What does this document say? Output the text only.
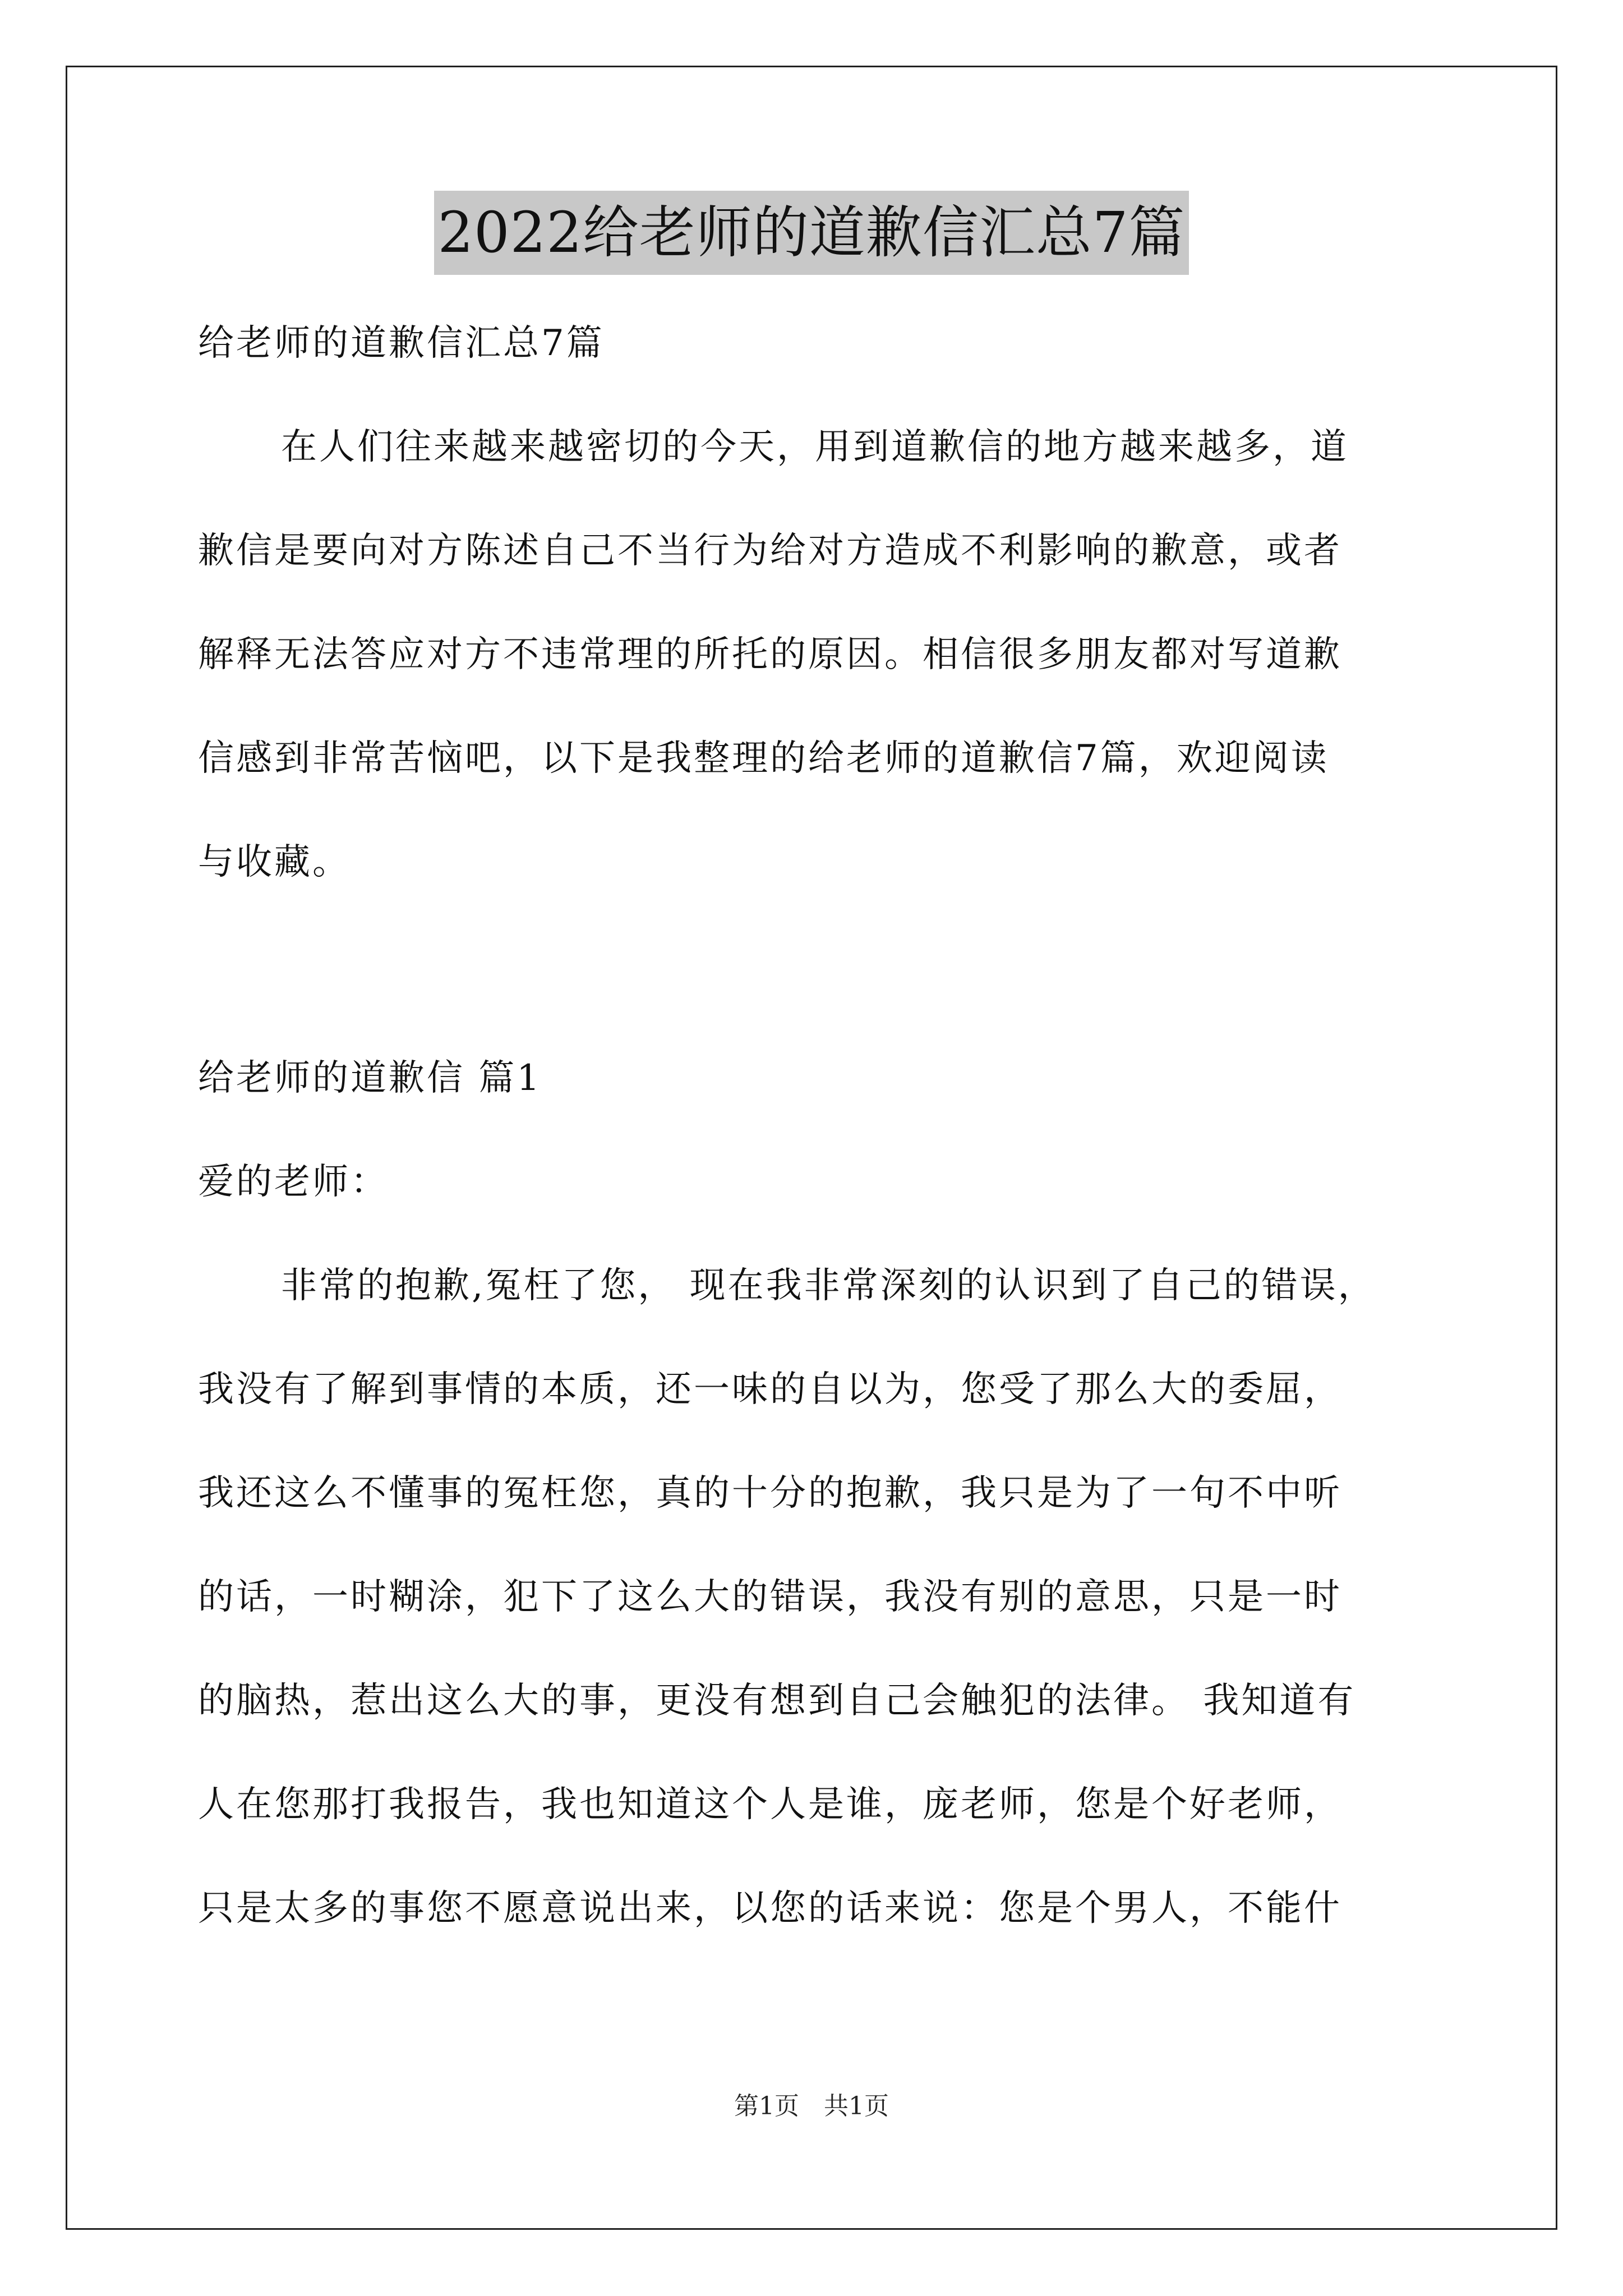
2022给老师的道歉信汇总7篇
给老师的道歉信汇总7篇
在人们往来越来越密切的今天，用到道歉信的地方越来越多，道
歉信是要向对方陈述自己不当行为给对方造成不利影响的歉意，或者
解释无法答应对方不违常理的所托的原因。相信很多朋友都对写道歉
信感到非常苦恼吧，以下是我整理的给老师的道歉信7篇，欢迎阅读
与收藏。
给老师的道歉信 篇1
爱的老师：
非常的抱歉,冤枉了您， 现在我非常深刻的认识到了自己的错误，
我没有了解到事情的本质，还一味的自以为，您受了那么大的委屈，
我还这么不懂事的冤枉您，真的十分的抱歉，我只是为了一句不中听
的话，一时糊涂，犯下了这么大的错误，我没有别的意思，只是一时
的脑热，惹出这么大的事，更没有想到自己会触犯的法律。 我知道有
人在您那打我报告，我也知道这个人是谁，庞老师，您是个好老师，
只是太多的事您不愿意说出来，以您的话来说：您是个男人，不能什
第1页　共1页
